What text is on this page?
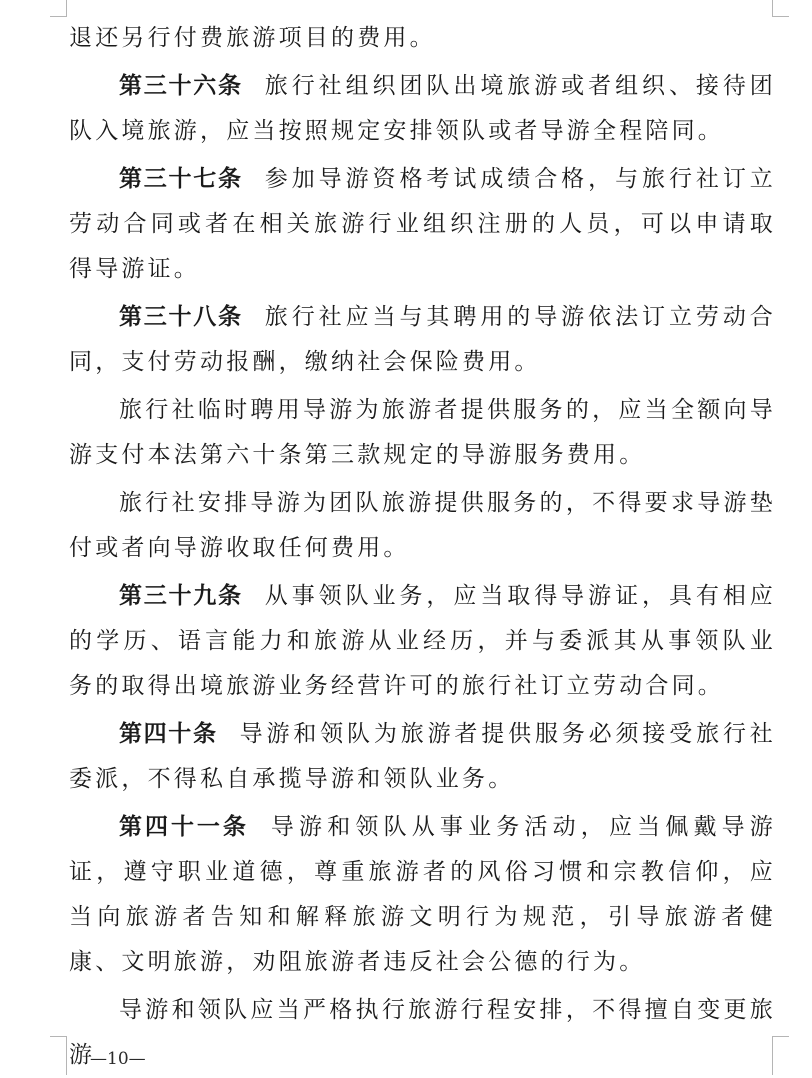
退还另行付费旅游项目的费用。

第三十六条 旅行社组织团队出境旅游或者组织、接待团队入境旅游，应当按照规定安排领队或者导游全程陪同。

第三十七条 参加导游资格考试成绩合格，与旅行社订立劳动合同或者在相关旅游行业组织注册的人员，可以申请取得导游证。

第三十八条 旅行社应当与其聘用的导游依法订立劳动合同，支付劳动报酬，缴纳社会保险费用。

旅行社临时聘用导游为旅游者提供服务的，应当全额向导游支付本法第六十条第三款规定的导游服务费用。

旅行社安排导游为团队旅游提供服务的，不得要求导游垫付或者向导游收取任何费用。

第三十九条 从事领队业务，应当取得导游证，具有相应的学历、语言能力和旅游从业经历，并与委派其从事领队业务的取得出境旅游业务经营许可的旅行社订立劳动合同。

第四十条 导游和领队为旅游者提供服务必须接受旅行社委派，不得私自承揽导游和领队业务。

第四十一条 导游和领队从事业务活动，应当佩戴导游证，遵守职业道德，尊重旅游者的风俗习惯和宗教信仰，应当向旅游者告知和解释旅游文明行为规范，引导旅游者健康、文明旅游，劝阻旅游者违反社会公德的行为。

导游和领队应当严格执行旅游行程安排，不得擅自变更旅游

—10—
